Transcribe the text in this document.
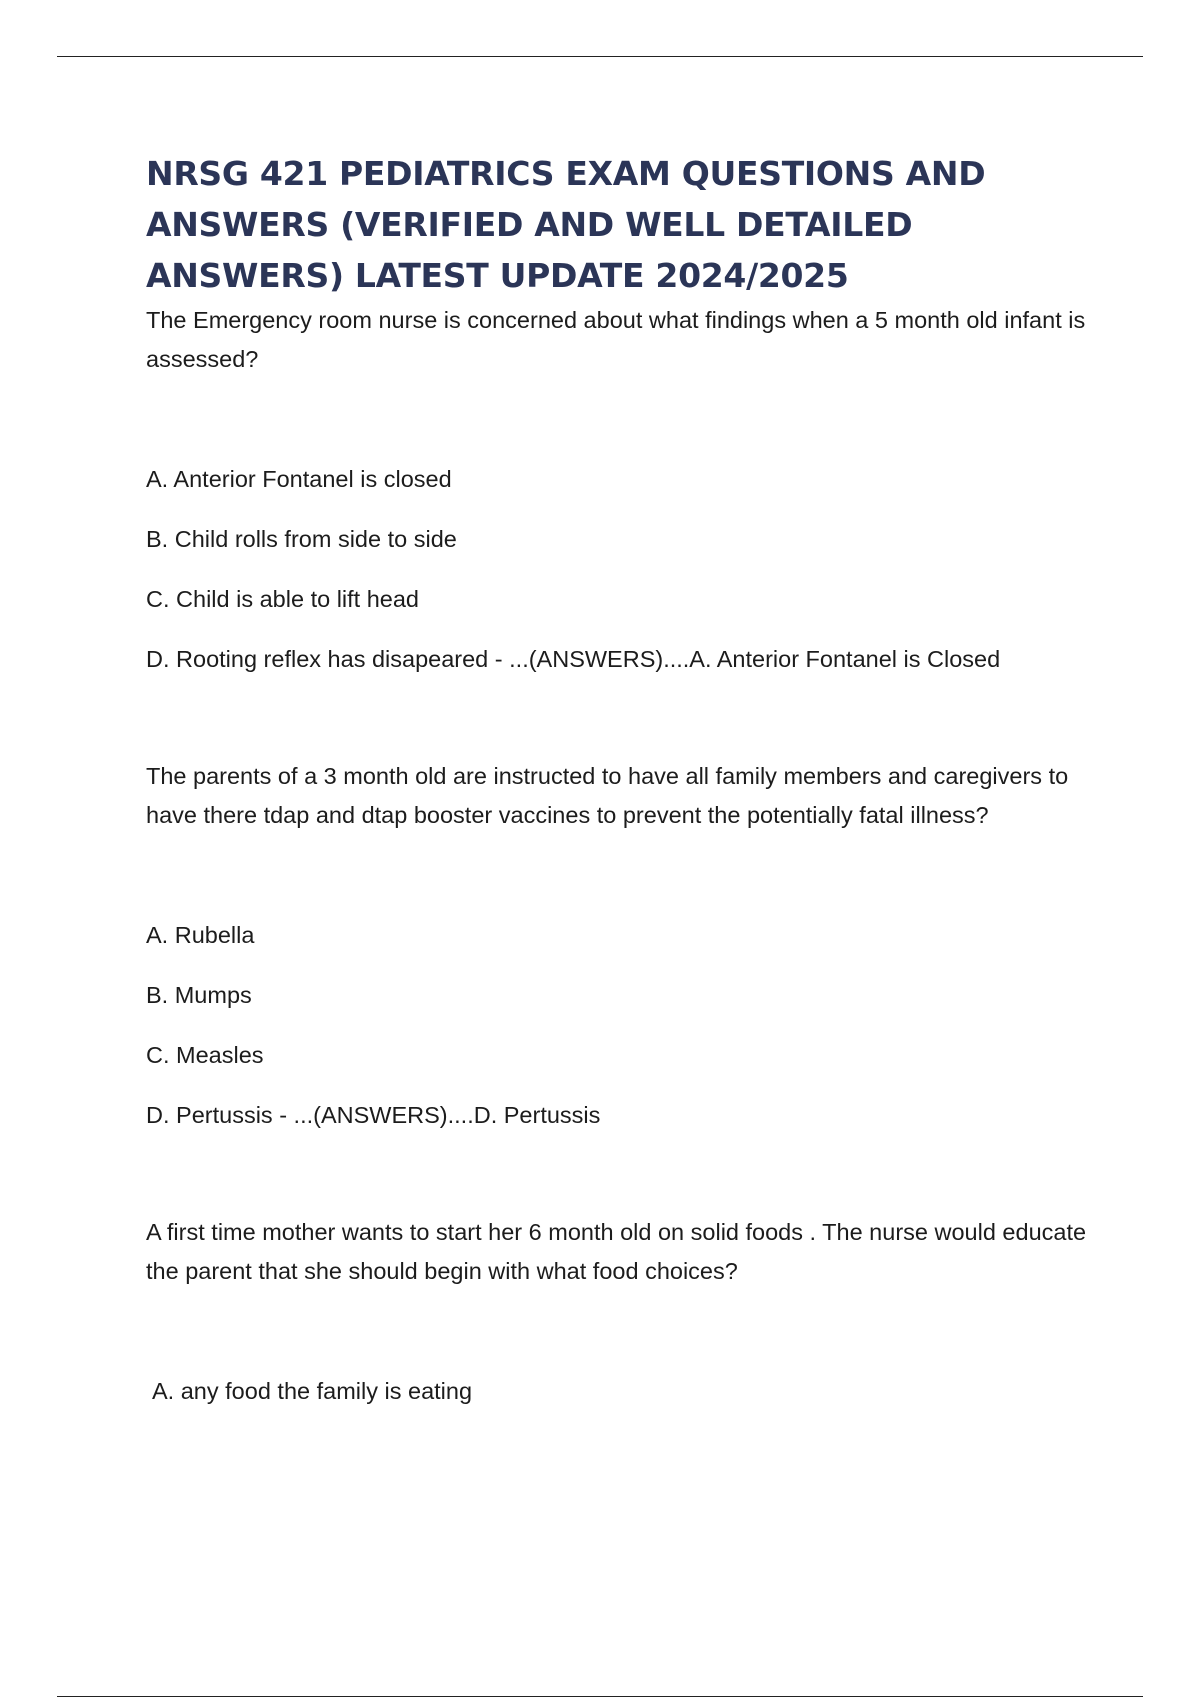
NRSG 421 PEDIATRICS EXAM QUESTIONS AND ANSWERS (VERIFIED AND WELL DETAILED ANSWERS) LATEST UPDATE 2024/2025

The Emergency room nurse is concerned about what findings when a 5 month old infant is assessed?

A. Anterior Fontanel is closed
B. Child rolls from side to side
C. Child is able to lift head
D. Rooting reflex has disapeared - ...(ANSWERS)....A. Anterior Fontanel is Closed

The parents of a 3 month old are instructed to have all family members and caregivers to have there tdap and dtap booster vaccines to prevent the potentially fatal illness?

A. Rubella
B. Mumps
C. Measles
D. Pertussis - ...(ANSWERS)....D. Pertussis

A first time mother wants to start her 6 month old on solid foods . The nurse would educate the parent that she should begin with what food choices?

A. any food the family is eating
